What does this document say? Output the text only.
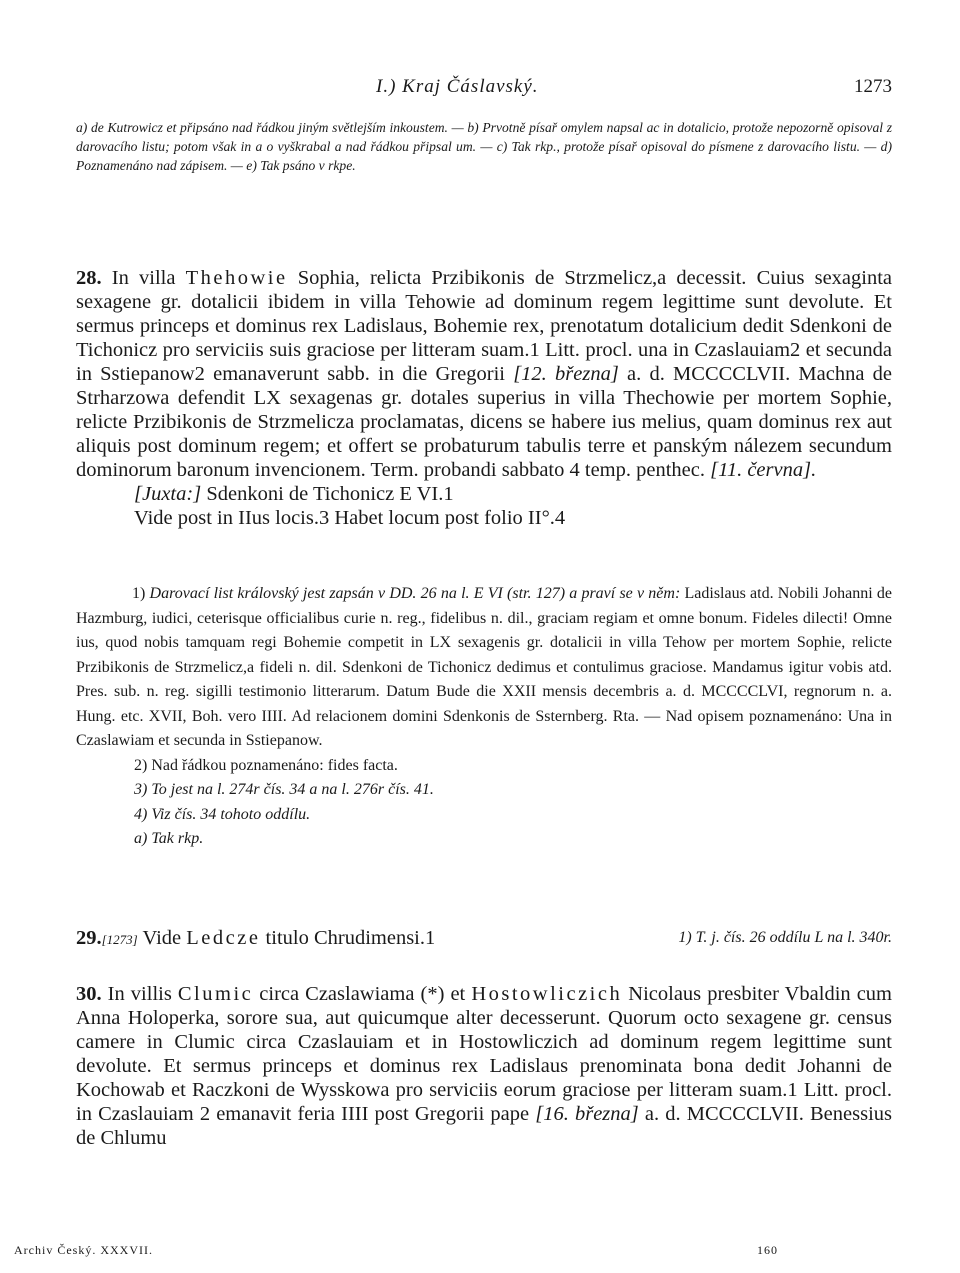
I.) Kraj Čáslavský.	1273

a) de Kutrowicz et připsáno nad řádkou jiným světlejším inkoustem. — b) Prvotně písař omylem napsal ac in dotalicio, protože nepozorně opisoval z darovacího listu; potom však in a o vyškrabal a nad řádkou připsal um. — c) Tak rkp., protože písař opisoval do písmene z darovacího listu. — d) Poznamenáno nad zápisem. — e) Tak psáno v rkpe.

28. In villa Thehowie Sophia, relicta Przibikonis de Strzmelicz,a decessit. Cuius sexaginta sexagene gr. dotalicii ibidem in villa Tehowie ad dominum regem legittime sunt devolute. Et sermus princeps et dominus rex Ladislaus, Bohemie rex, prenotatum dotalicium dedit Sdenkoni de Tichonicz pro serviciis suis graciose per litteram suam.1 Litt. procl. una in Czaslauiam2 et secunda in Sstiepanow2 emanaverunt sabb. in die Gregorii [12. března] a. d. MCCCCLVII. Machna de Strharzowa defendit LX sexagenas gr. dotales superius in villa Thechowie per mortem Sophie, relicte Przibikonis de Strzmelicza proclamatas, dicens se habere ius melius, quam dominus rex aut aliquis post dominum regem; et offert se probaturum tabulis terre et panským nálezem secundum dominorum baronum invencionem. Term. probandi sabbato 4 temp. penthec. [11. června].

[Juxta:] Sdenkoni de Tichonicz E VI.1

Vide post in IIus locis.3 Habet locum post folio II°.4

1) Darovací list královský jest zapsán v DD. 26 na l. E VI (str. 127) a praví se v něm: Ladislaus atd. Nobili Johanni de Hazmburg, iudici, ceterisque officialibus curie n. reg., fidelibus n. dil., graciam regiam et omne bonum. Fideles dilecti! Omne ius, quod nobis tamquam regi Bohemie competit in LX sexagenis gr. dotalicii in villa Tehow per mortem Sophie, relicte Przibikonis de Strzmelicz,a fideli n. dil. Sdenkoni de Tichonicz dedimus et contulimus graciose. Mandamus igitur vobis atd. Pres. sub. n. reg. sigilli testimonio litterarum. Datum Bude die XXII mensis decembris a. d. MCCCCLVI, regnorum n. a. Hung. etc. XVII, Boh. vero IIII. Ad relacionem domini Sdenkonis de Ssternberg. Rta. — Nad opisem poznamenáno: Una in Czaslawiam et secunda in Sstiepanow.

2) Nad řádkou poznamenáno: fides facta.

3) To jest na l. 274r čís. 34 a na l. 276r čís. 41.

4) Viz čís. 34 tohoto oddílu.

a) Tak rkp.

29.[1273] Vide Ledcze titulo Chrudimensi.1	1) T. j. čís. 26 oddílu L na l. 340r.

30. In villis Clumic circa Czaslawiama (*) et Hostowliczich Nicolaus presbiter Vbaldin cum Anna Holoperka, sorore sua, aut quicumque alter decesserunt. Quorum octo sexagene gr. census camere in Clumic circa Czaslauiam et in Hostowliczich ad dominum regem legittime sunt devolute. Et sermus princeps et dominus rex Ladislaus prenominata bona dedit Johanni de Kochowab et Raczkoni de Wysskowa pro serviciis eorum graciose per litteram suam.1 Litt. procl. in Czaslauiam 2 emanavit feria IIII post Gregorii pape [16. března] a. d. MCCCCLVII. Benessius de Chlumu

Archiv Český. XXXVII.	160
